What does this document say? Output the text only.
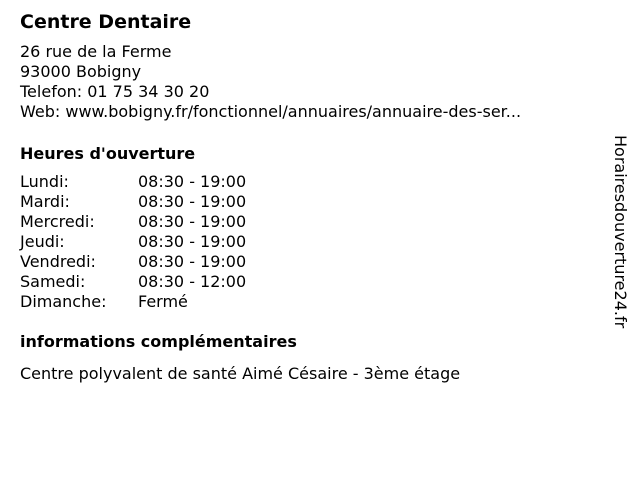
Centre Dentaire
26 rue de la Ferme
93000 Bobigny
Telefon: 01 75 34 30 20
Web: www.bobigny.fr/fonctionnel/annuaires/annuaire-des-ser...
Heures d'ouverture
Lundi:	08:30 - 19:00
Mardi:	08:30 - 19:00
Mercredi:	08:30 - 19:00
Jeudi:	08:30 - 19:00
Vendredi:	08:30 - 19:00
Samedi:	08:30 - 12:00
Dimanche:	Fermé
informations complémentaires
Centre polyvalent de santé Aimé Césaire - 3ème étage
Horairesdouverture24.fr
